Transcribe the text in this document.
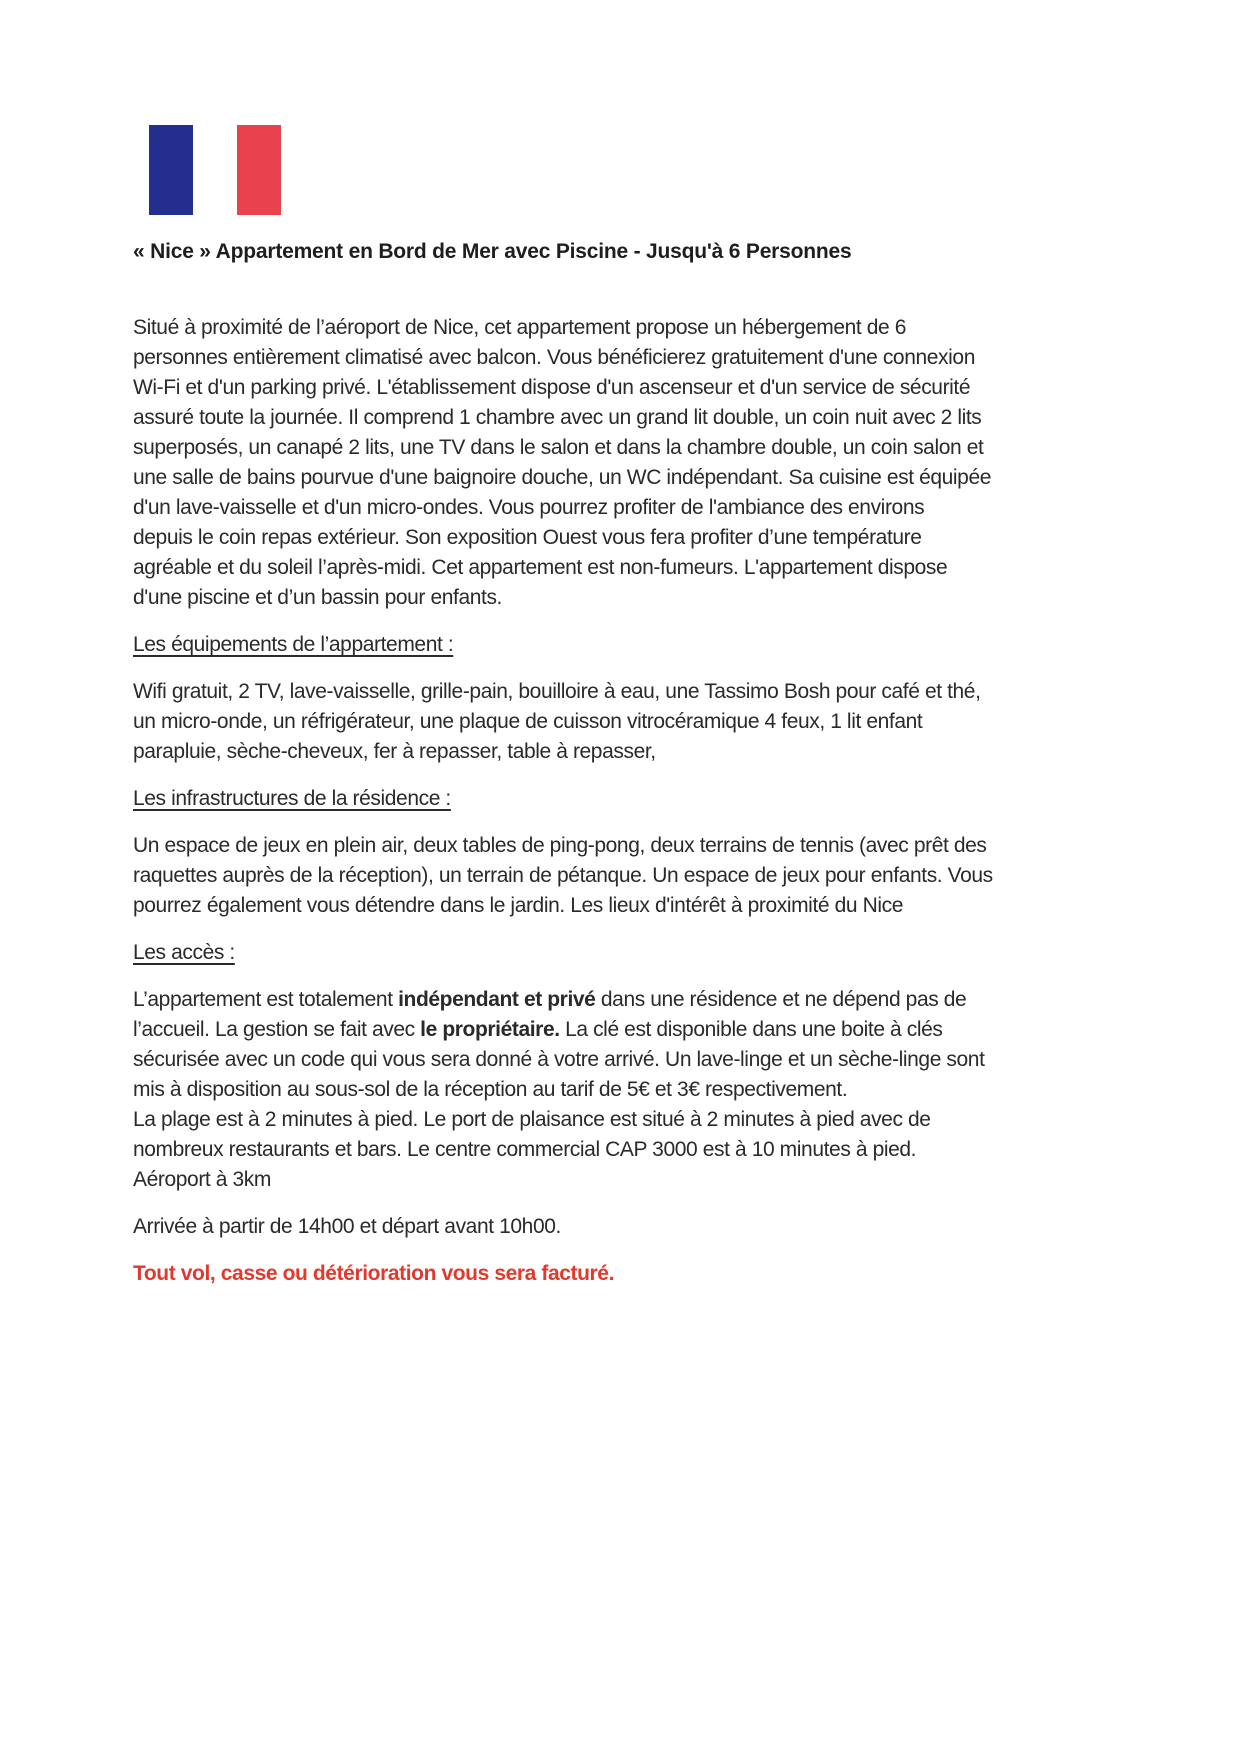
« Nice » Appartement en Bord de Mer avec Piscine - Jusqu'à 6 Personnes

Situé à proximité de l’aéroport de Nice, cet appartement propose un hébergement de 6
personnes entièrement climatisé avec balcon. Vous bénéficierez gratuitement d'une connexion
Wi-Fi et d'un parking privé. L'établissement dispose d'un ascenseur et d'un service de sécurité
assuré toute la journée. Il comprend 1 chambre avec un grand lit double, un coin nuit avec 2 lits
superposés, un canapé 2 lits, une TV dans le salon et dans la chambre double, un coin salon et
une salle de bains pourvue d'une baignoire douche, un WC indépendant. Sa cuisine est équipée
d'un lave-vaisselle et d'un micro-ondes. Vous pourrez profiter de l'ambiance des environs
depuis le coin repas extérieur. Son exposition Ouest vous fera profiter d’une température
agréable et du soleil l’après-midi. Cet appartement est non-fumeurs. L'appartement dispose
d'une piscine et d’un bassin pour enfants.

Les équipements de l’appartement :

Wifi gratuit, 2 TV, lave-vaisselle, grille-pain, bouilloire à eau, une Tassimo Bosh pour café et thé,
un micro-onde, un réfrigérateur, une plaque de cuisson vitrocéramique 4 feux, 1 lit enfant
parapluie, sèche-cheveux, fer à repasser, table à repasser,

Les infrastructures de la résidence :

Un espace de jeux en plein air, deux tables de ping-pong, deux terrains de tennis (avec prêt des
raquettes auprès de la réception), un terrain de pétanque. Un espace de jeux pour enfants. Vous
pourrez également vous détendre dans le jardin. Les lieux d'intérêt à proximité du Nice

Les accès :

L’appartement est totalement indépendant et privé dans une résidence et ne dépend pas de
l’accueil. La gestion se fait avec le propriétaire. La clé est disponible dans une boite à clés
sécurisée avec un code qui vous sera donné à votre arrivé. Un lave-linge et un sèche-linge sont
mis à disposition au sous-sol de la réception au tarif de 5€ et 3€ respectivement.
La plage est à 2 minutes à pied. Le port de plaisance est situé à 2 minutes à pied avec de
nombreux restaurants et bars. Le centre commercial CAP 3000 est à 10 minutes à pied.
Aéroport à 3km

Arrivée à partir de 14h00 et départ avant 10h00.

Tout vol, casse ou détérioration vous sera facturé.
